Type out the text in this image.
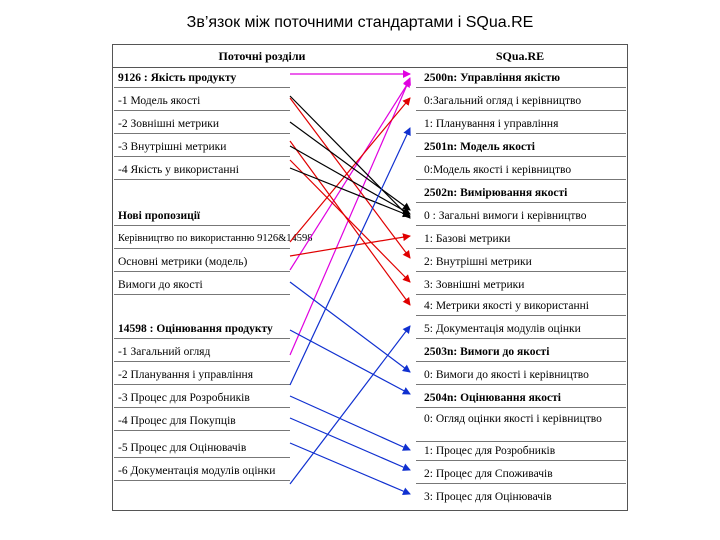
Зв’язок між поточними стандартами і SQua.RE
Поточні розділи	SQua.RE
9126 : Якість продукту
-1 Модель якості
-2 Зовнішні метрики
-3 Внутрішні метрики
-4 Якість у використанні
Нові пропозиції
Керівництво по використанню 9126&14598
Основні метрики (модель)
Вимоги до якості
14598 : Оцінювання продукту
-1 Загальний огляд
-2 Планування і управління
-3 Процес для Розробників
-4 Процес для Покупців
-5 Процес для Оцінювачів
-6 Документація модулів оцінки
2500n: Управління якістю
0:Загальний огляд і керівництво
1: Планування і управління
2501n: Модель якості
0:Модель якості і керівництво
2502n: Вимірювання якості
0 : Загальні вимоги і керівництво
1: Базові метрики
2: Внутрішні метрики
3: Зовнішні метрики
4: Метрики якості у використанні
5: Документація модулів оцінки
2503n: Вимоги до якості
0: Вимоги до якості і керівництво
2504n: Оцінювання якості
0: Огляд оцінки якості і керівництво
1: Процес для Розробників
2: Процес для Споживачів
3: Процес для Оцінювачів
